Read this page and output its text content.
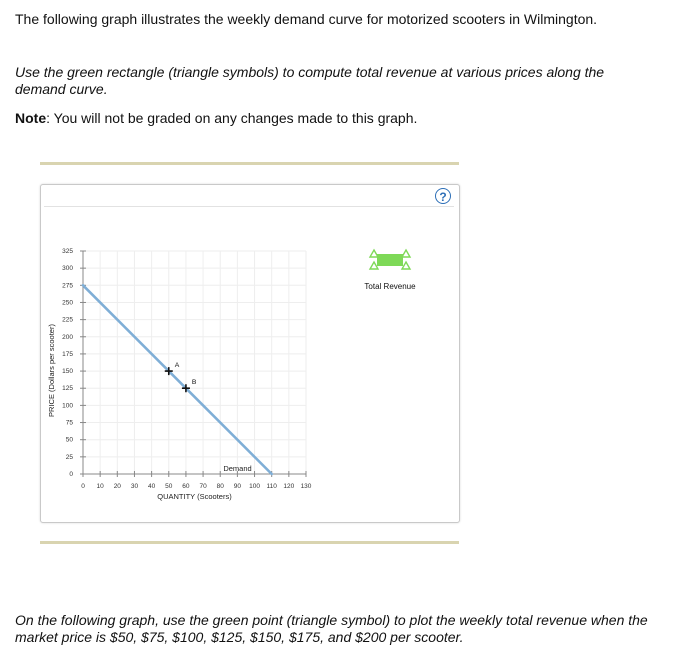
The following graph illustrates the weekly demand curve for motorized scooters in Wilmington.

Use the green rectangle (triangle symbols) to compute total revenue at various prices along the demand curve.

Note: You will not be graded on any changes made to this graph.

?
0
25
50
75
100
125
150
175
200
225
250
275
300
325
0 10 20 30 40 50 60 70 80 90 100 110 120 130
QUANTITY (Scooters)
PRICE (Dollars per scooter)
Demand
A
B
Total Revenue

On the following graph, use the green point (triangle symbol) to plot the weekly total revenue when the market price is $50, $75, $100, $125, $150, $175, and $200 per scooter.
